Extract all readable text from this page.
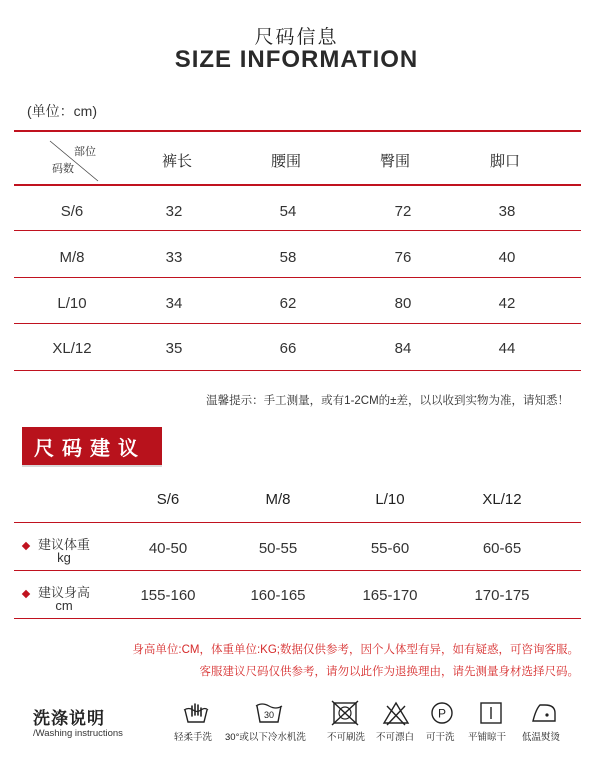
尺码信息
SIZE INFORMATION
(单位：cm)
部位
码数	裤长	腰围	臀围	脚口
S/6	32	54	72	38
M/8	33	58	76	40
L/10	34	62	80	42
XL/12	35	66	84	44
温馨提示：手工测量，或有1-2CM的±差，以以收到实物为准，请知悉！
尺码建议
S/6	M/8	L/10	XL/12
建议体重
kg
40-50	50-55	55-60	60-65
建议身高
cm
155-160	160-165	165-170	170-175
身高单位:CM，体重单位:KG;数据仅供参考，因个人体型有异，如有疑惑，可咨询客服。
客服建议尺码仅供参考，请勿以此作为退换理由，请先测量身材选择尺码。
洗涤说明
/Washing instructions	轻柔手洗
30
30°或以下冷水机洗 不可刷洗 不可漂白
P
可干洗 平铺晾干 低温熨烫
